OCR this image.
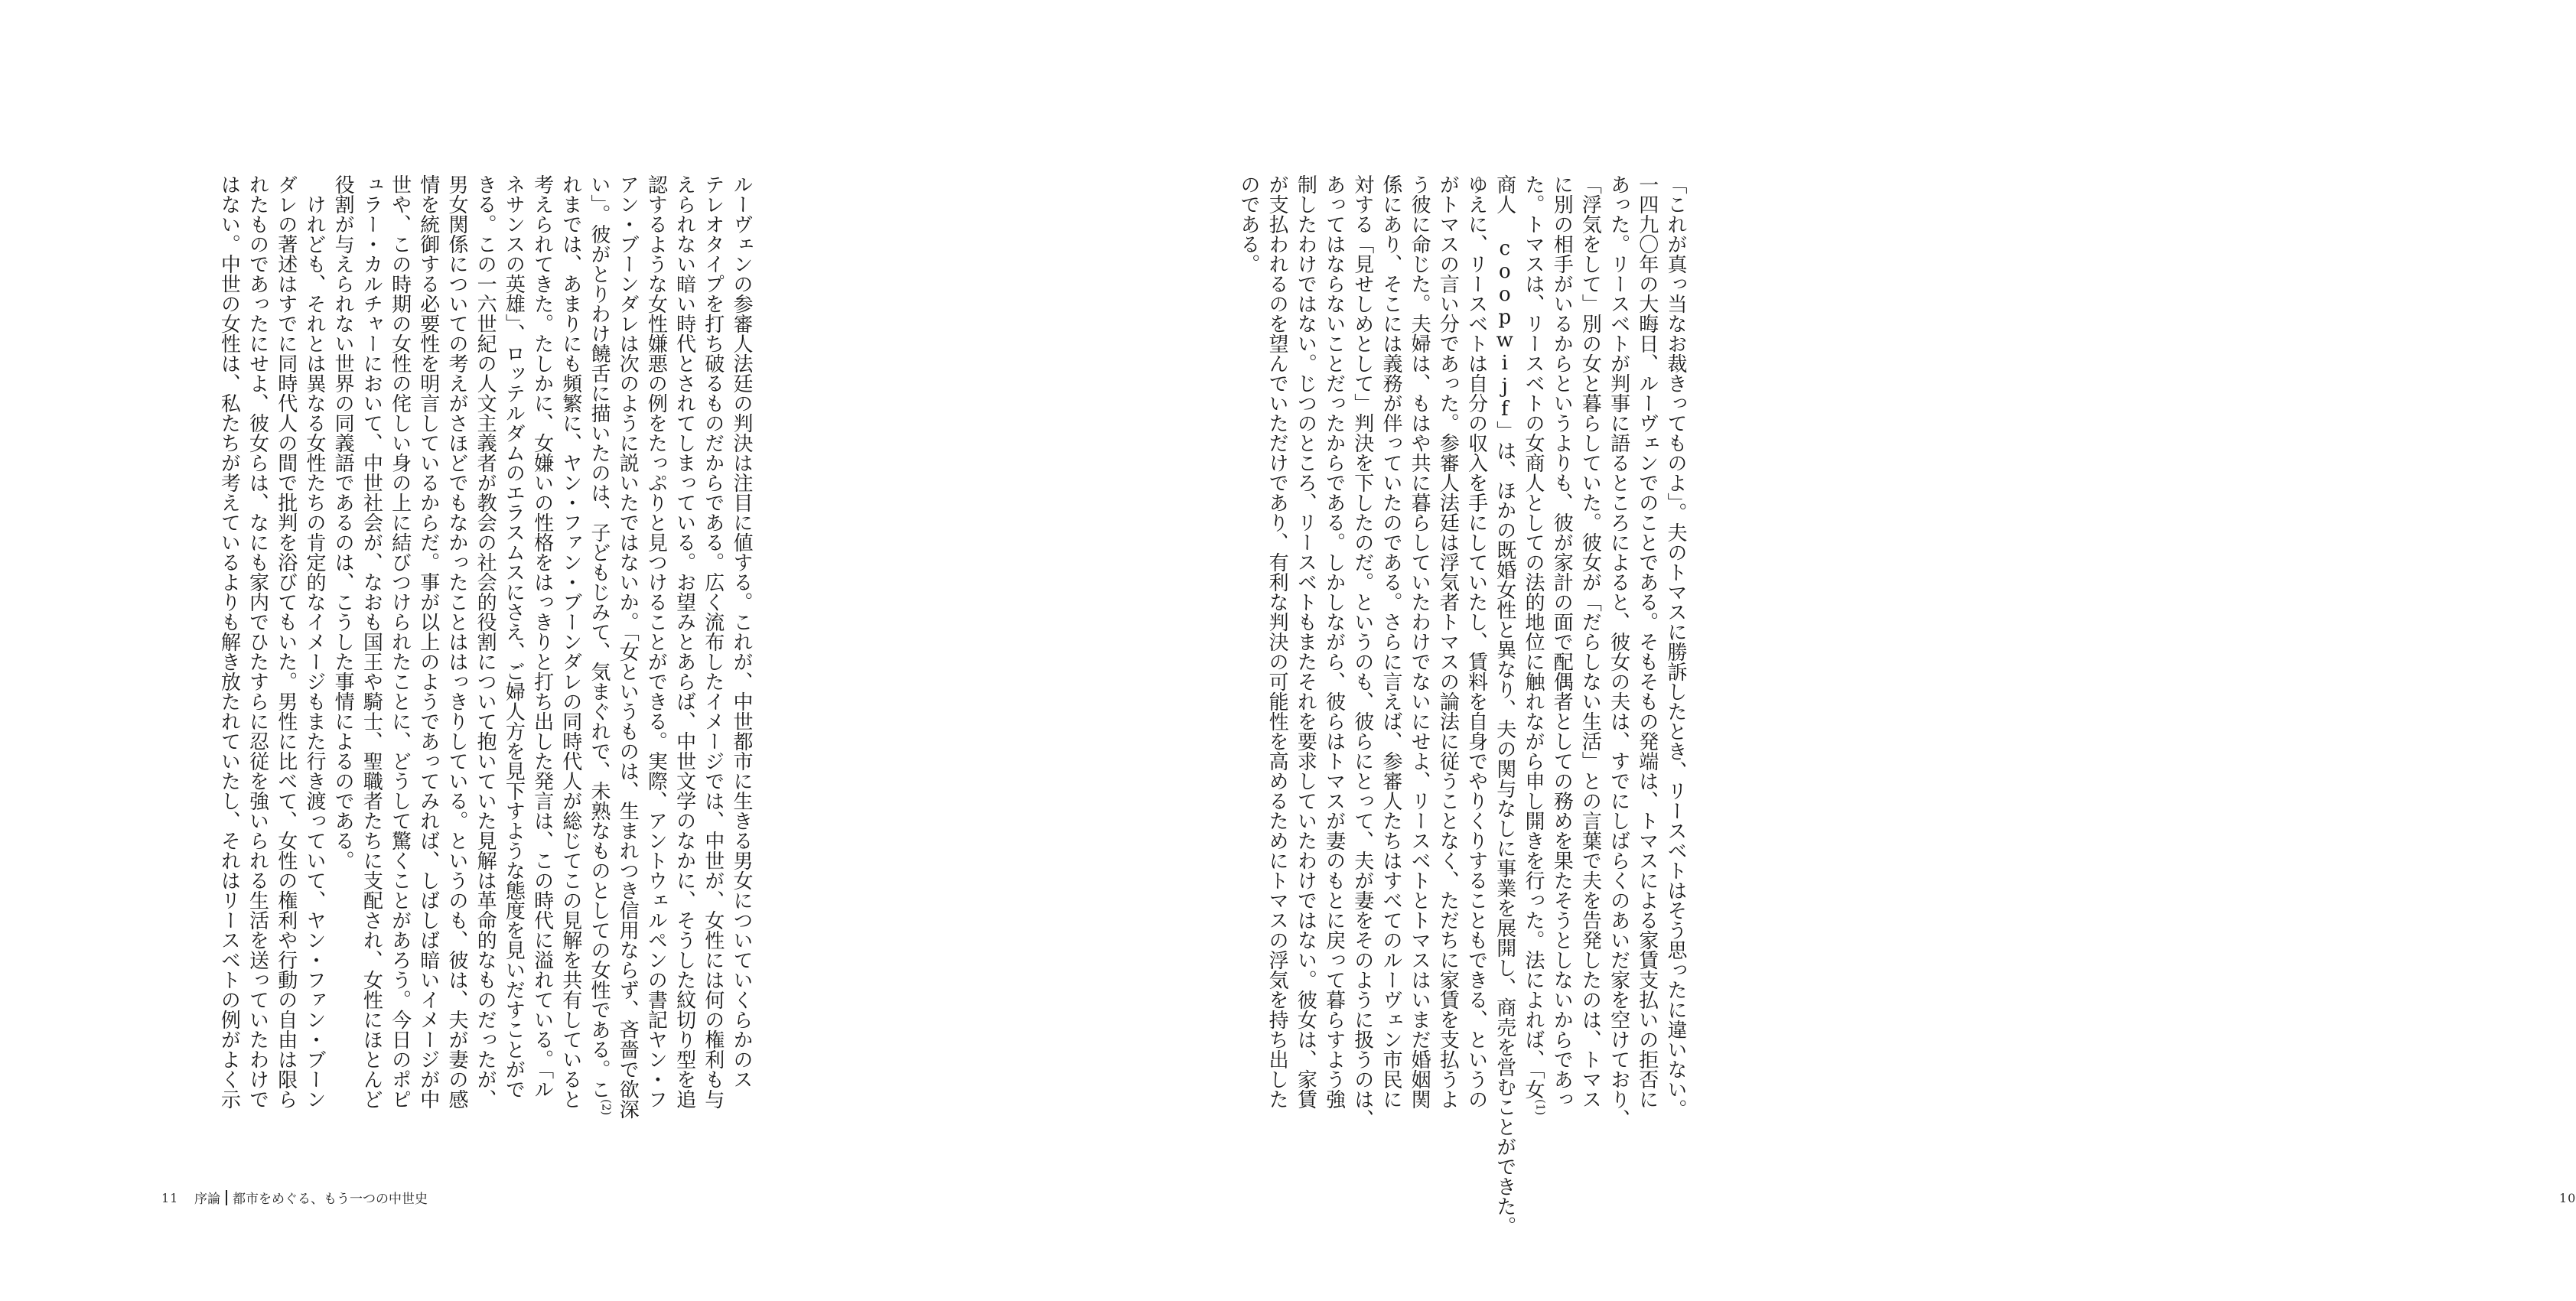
「これが真っ当なお裁きってものよ」。夫のトマスに勝訴したとき、リースベトはそう思ったに違いない。
一四九〇年の大晦日、ルーヴェンでのことである。そもそもの発端は、トマスによる家賃支払いの拒否に
あった。リースベトが判事に語るところによると、彼女の夫は、すでにしばらくのあいだ家を空けており、
「浮気をして」別の女と暮らしていた。彼女が「だらしない生活」との言葉で夫を告発したのは、トマス
に別の相手がいるからというよりも、彼が家計の面で配偶者としての務めを果たそうとしないからであっ
た。トマスは、リースベトの女商人としての法的地位に触れながら申し開きを行った。法によれば、「女$^{(1)}$
商人 coopwijf」は、ほかの既婚女性と異なり、夫の関与なしに事業を展開し、商売を営むことができた。
ゆえに、リースベトは自分の収入を手にしていたし、賃料を自身でやりくりすることもできる、というの
がトマスの言い分であった。参審人法廷は浮気者トマスの論法に従うことなく、ただちに家賃を支払うよ
う彼に命じた。夫婦は、もはや共に暮らしていたわけでないにせよ、リースベトとトマスはいまだ婚姻関
係にあり、そこには義務が伴っていたのである。さらに言えば、参審人たちはすべてのルーヴェン市民に
対する「見せしめとして」判決を下したのだ。というのも、彼らにとって、夫が妻をそのように扱うのは、
あってはならないことだったからである。しかしながら、彼らはトマスが妻のもとに戻って暮らすよう強
制したわけではない。じつのところ、リースベトもまたそれを要求していたわけではない。彼女は、家賃
が支払われるのを望んでいただけであり、有利な判決の可能性を高めるためにトマスの浮気を持ち出した
のである。
10
ルーヴェンの参審人法廷の判決は注目に値する。これが、中世都市に生きる男女についていくらかのス
テレオタイプを打ち破るものだからである。広く流布したイメージでは、中世が、女性には何の権利も与
えられない暗い時代とされてしまっている。お望みとあらば、中世文学のなかに、そうした紋切り型を追
認するような女性嫌悪の例をたっぷりと見つけることができる。実際、アントウェルペンの書記ヤン・フ
アン・ブーンダレは次のように説いたではないか。「女というものは、生まれつき信用ならず、吝嗇で欲深
い」。彼がとりわけ饒舌に描いたのは、子どもじみて、気まぐれで、未熟なものとしての女性である。こ$^{(2)}$
れまでは、あまりにも頻繁に、ヤン・ファン・ブーンダレの同時代人が総じてこの見解を共有していると
考えられてきた。たしかに、女嫌いの性格をはっきりと打ち出した発言は、この時代に溢れている。「ル
ネサンスの英雄」、ロッテルダムのエラスムスにさえ、ご婦人方を見下すような態度を見いだすことがで
きる。この一六世紀の人文主義者が教会の社会的役割について抱いていた見解は革命的なものだったが、
男女関係についての考えがさほどでもなかったことははっきりしている。というのも、彼は、夫が妻の感
情を統御する必要性を明言しているからだ。事が以上のようであってみれば、しばしば暗いイメージが中
世や、この時期の女性の侘しい身の上に結びつけられたことに、どうして驚くことがあろう。今日のポピ
ュラー・カルチャーにおいて、中世社会が、なおも国王や騎士、聖職者たちに支配され、女性にほとんど
役割が与えられない世界の同義語であるのは、こうした事情によるのである。
　けれども、それとは異なる女性たちの肯定的なイメージもまた行き渡っていて、ヤン・ファン・ブーン
ダレの著述はすでに同時代人の間で批判を浴びてもいた。男性に比べて、女性の権利や行動の自由は限ら
れたものであったにせよ、彼女らは、なにも家内でひたすらに忍従を強いられる生活を送っていたわけで
はない。中世の女性は、私たちが考えているよりも解き放たれていたし、それはリースベトの例がよく示
11 序論 都市をめぐる、もう一つの中世史
